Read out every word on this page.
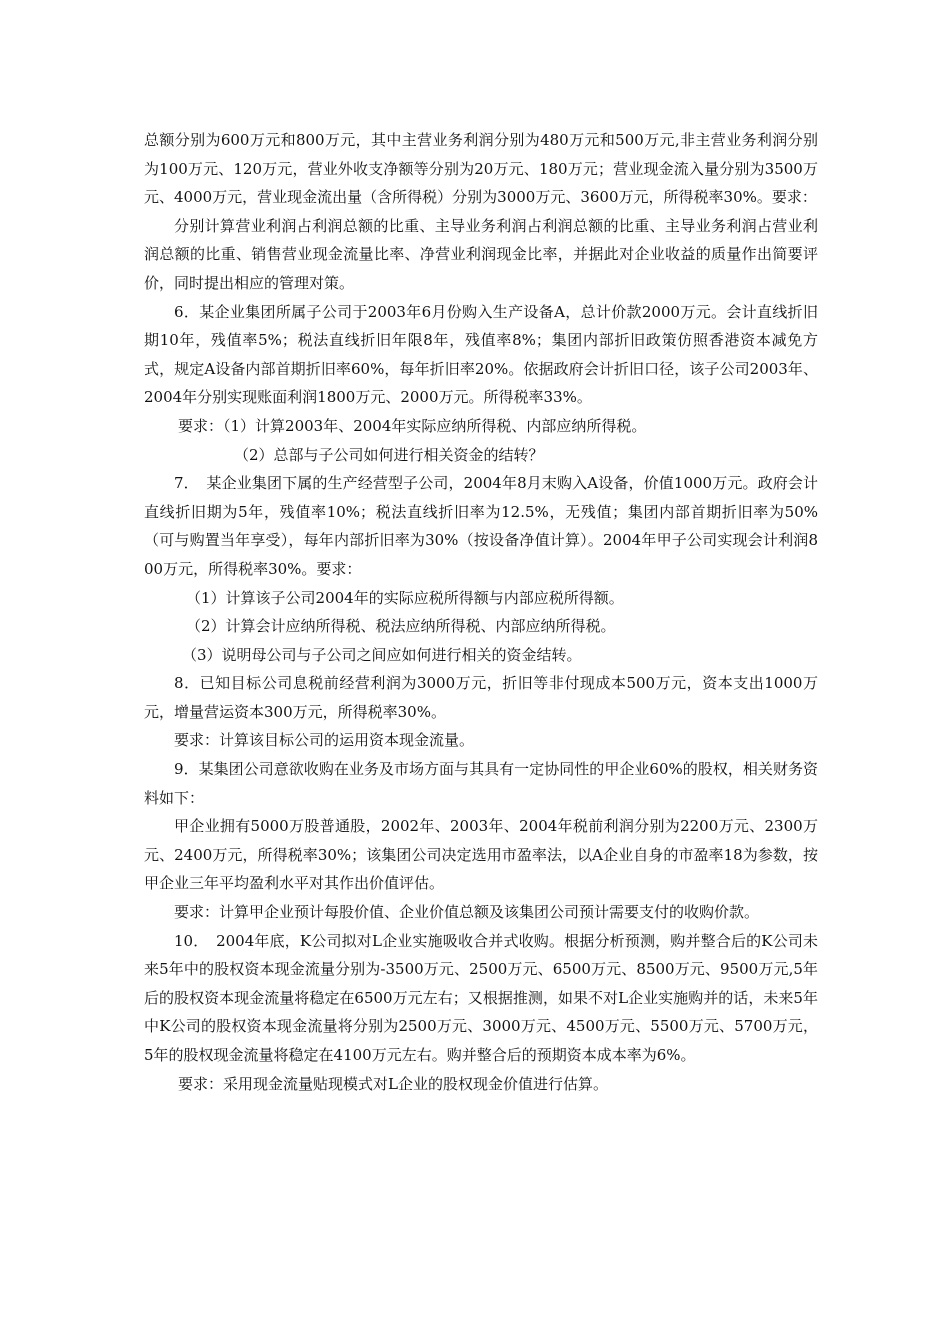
总额分别为600万元和800万元，其中主营业务利润分别为480万元和500万元,非主营业务利润分别为100万元、120万元，营业外收支净额等分别为20万元、180万元；营业现金流入量分别为3500万元、4000万元，营业现金流出量（含所得税）分别为3000万元、3600万元，所得税率30%。要求：

分别计算营业利润占利润总额的比重、主导业务利润占利润总额的比重、主导业务利润占营业利润总额的比重、销售营业现金流量比率、净营业利润现金比率，并据此对企业收益的质量作出简要评价，同时提出相应的管理对策。

6．某企业集团所属子公司于2003年6月份购入生产设备A，总计价款2000万元。会计直线折旧期10年，残值率5%；税法直线折旧年限8年，残值率8%；集团内部折旧政策仿照香港资本减免方式，规定A设备内部首期折旧率60%，每年折旧率20%。依据政府会计折旧口径，该子公司2003年、2004年分别实现账面利润1800万元、2000万元。所得税率33%。

要求：（1）计算2003年、2004年实际应纳所得税、内部应纳所得税。

（2）总部与子公司如何进行相关资金的结转？

7．　某企业集团下属的生产经营型子公司，2004年8月末购入A设备，价值1000万元。政府会计直线折旧期为5年，残值率10%；税法直线折旧率为12.5%，无残值；集团内部首期折旧率为50%（可与购置当年享受），每年内部折旧率为30%（按设备净值计算）。2004年甲子公司实现会计利润800万元，所得税率30%。要求：

（1）计算该子公司2004年的实际应税所得额与内部应税所得额。

（2）计算会计应纳所得税、税法应纳所得税、内部应纳所得税。

（3）说明母公司与子公司之间应如何进行相关的资金结转。

8．已知目标公司息税前经营利润为3000万元，折旧等非付现成本500万元，资本支出1000万元，增量营运资本300万元，所得税率30%。

要求：计算该目标公司的运用资本现金流量。

9．某集团公司意欲收购在业务及市场方面与其具有一定协同性的甲企业60%的股权，相关财务资料如下：

甲企业拥有5000万股普通股，2002年、2003年、2004年税前利润分别为2200万元、2300万元、2400万元，所得税率30%；该集团公司决定选用市盈率法，以A企业自身的市盈率18为参数，按甲企业三年平均盈利水平对其作出价值评估。

要求：计算甲企业预计每股价值、企业价值总额及该集团公司预计需要支付的收购价款。

10．　2004年底，K公司拟对L企业实施吸收合并式收购。根据分析预测，购并整合后的K公司未来5年中的股权资本现金流量分别为-3500万元、2500万元、6500万元、8500万元、9500万元,5年后的股权资本现金流量将稳定在6500万元左右；又根据推测，如果不对L企业实施购并的话，未来5年中K公司的股权资本现金流量将分别为2500万元、3000万元、4500万元、5500万元、5700万元，5年的股权现金流量将稳定在4100万元左右。购并整合后的预期资本成本率为6%。

要求：采用现金流量贴现模式对L企业的股权现金价值进行估算。
